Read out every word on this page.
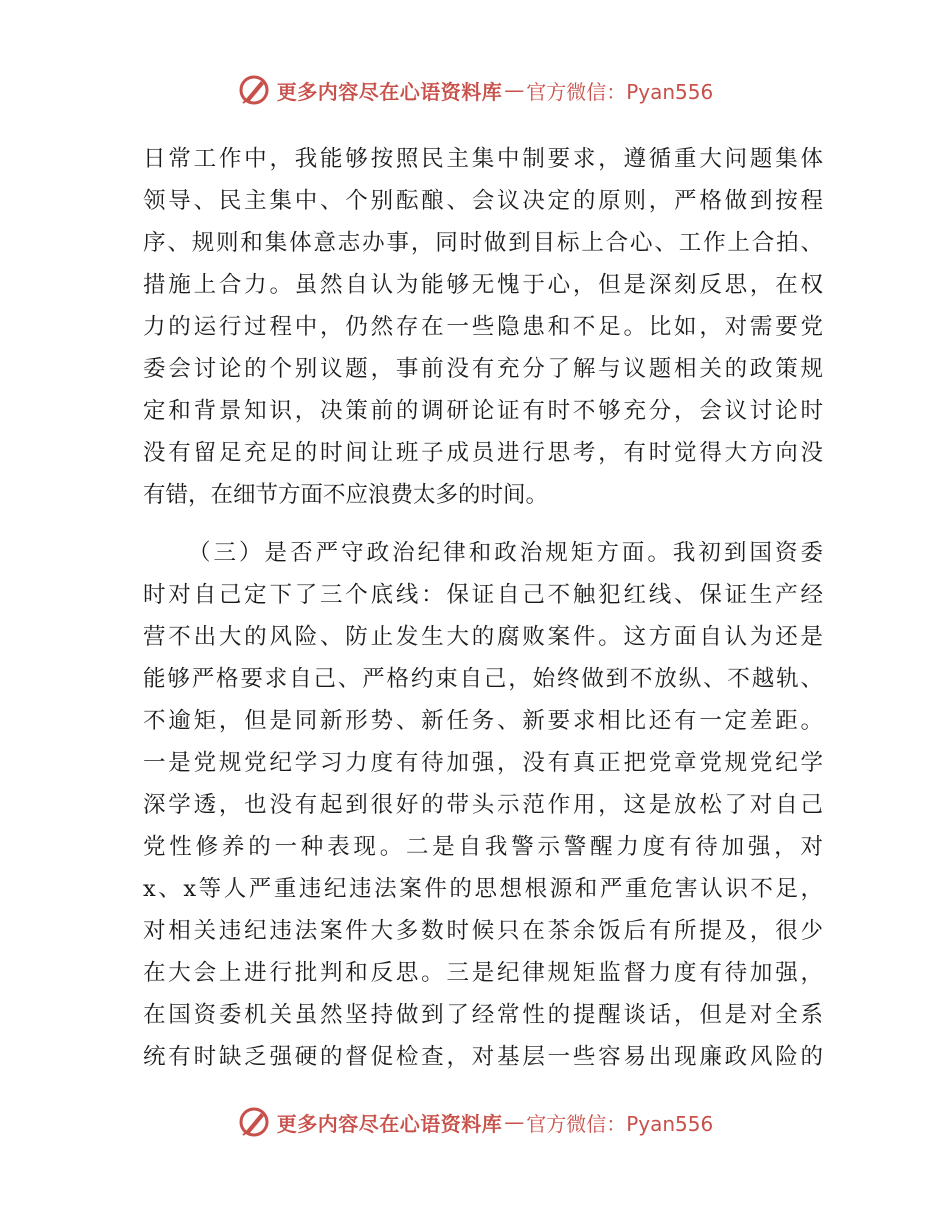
更多内容尽在心语资料库 — 官方微信：Pyan556
日常工作中，我能够按照民主集中制要求，遵循重大问题集体
领导、民主集中、个别酝酿、会议决定的原则，严格做到按程
序、规则和集体意志办事，同时做到目标上合心、工作上合拍、
措施上合力。虽然自认为能够无愧于心，但是深刻反思，在权
力的运行过程中，仍然存在一些隐患和不足。比如，对需要党
委会讨论的个别议题，事前没有充分了解与议题相关的政策规
定和背景知识，决策前的调研论证有时不够充分，会议讨论时
没有留足充足的时间让班子成员进行思考，有时觉得大方向没
有错，在细节方面不应浪费太多的时间。
（三）是否严守政治纪律和政治规矩方面。我初到国资委
时对自己定下了三个底线：保证自己不触犯红线、保证生产经
营不出大的风险、防止发生大的腐败案件。这方面自认为还是
能够严格要求自己、严格约束自己，始终做到不放纵、不越轨、
不逾矩，但是同新形势、新任务、新要求相比还有一定差距。
一是党规党纪学习力度有待加强，没有真正把党章党规党纪学
深学透，也没有起到很好的带头示范作用，这是放松了对自己
党性修养的一种表现。二是自我警示警醒力度有待加强，对
x、x等人严重违纪违法案件的思想根源和严重危害认识不足，
对相关违纪违法案件大多数时候只在茶余饭后有所提及，很少
在大会上进行批判和反思。三是纪律规矩监督力度有待加强，
在国资委机关虽然坚持做到了经常性的提醒谈话，但是对全系
统有时缺乏强硬的督促检查，对基层一些容易出现廉政风险的
更多内容尽在心语资料库 — 官方微信：Pyan556
